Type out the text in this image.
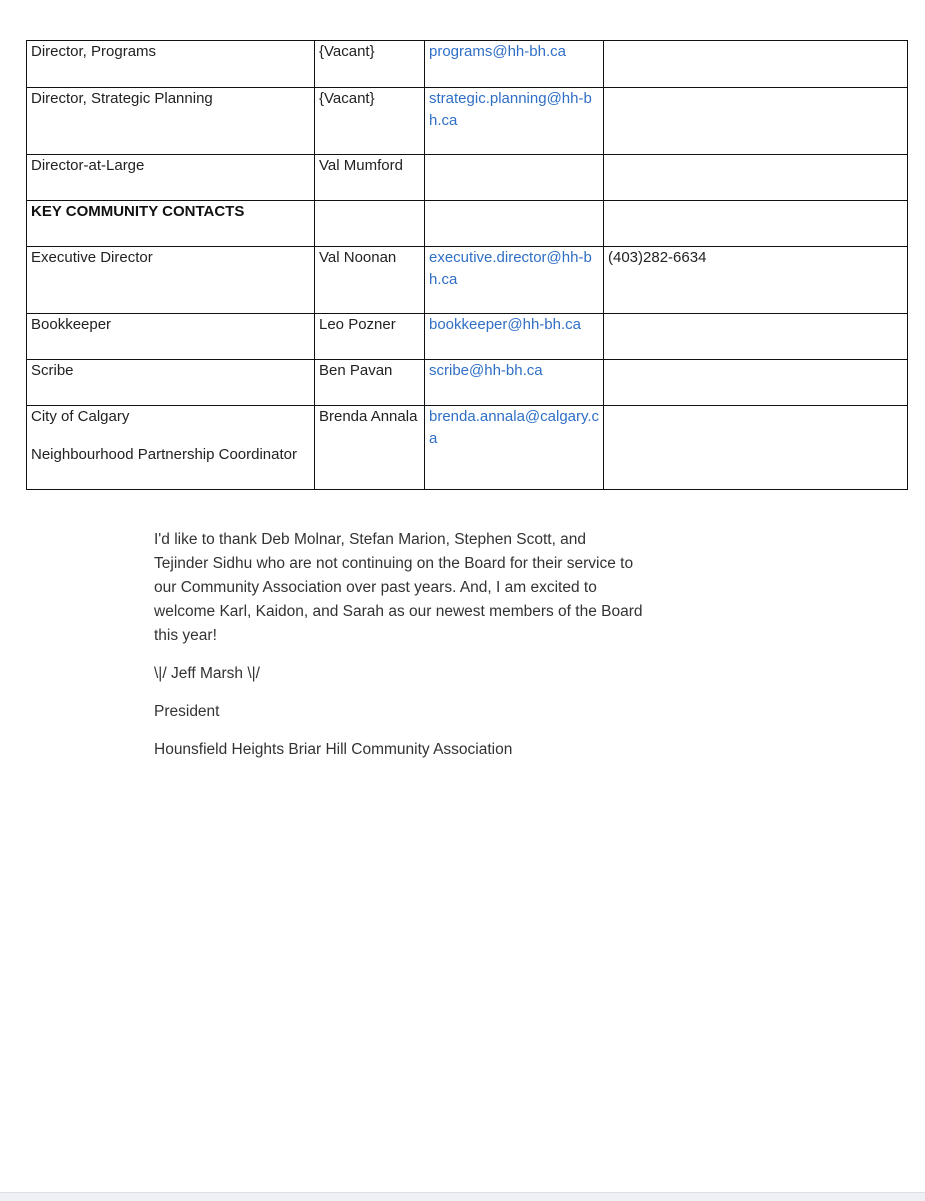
Director, Programs	{Vacant}	programs@hh-bh.ca	

Director, Strategic Planning	{Vacant}	strategic.planning@hh-bh.ca	

Director-at-Large	Val Mumford	

KEY COMMUNITY CONTACTS			
Executive Director	Val Noonan	executive.director@hh-bh.ca	(403)282-6634
Bookkeeper	Leo Pozner	bookkeeper@hh-bh.ca	

Scribe	Ben Pavan	scribe@hh-bh.ca	

City of Calgary
Neighbourhood Partnership Coordinator	Brenda Annala	brenda.annala@calgary.ca	

I'd like to thank Deb Molnar, Stefan Marion, Stephen Scott, and Tejinder Sidhu who are not continuing on the Board for their service to our Community Association over past years. And, I am excited to welcome Karl, Kaidon, and Sarah as our newest members of the Board this year!

\|/ Jeff Marsh \|/

President

Hounsfield Heights Briar Hill Community Association
